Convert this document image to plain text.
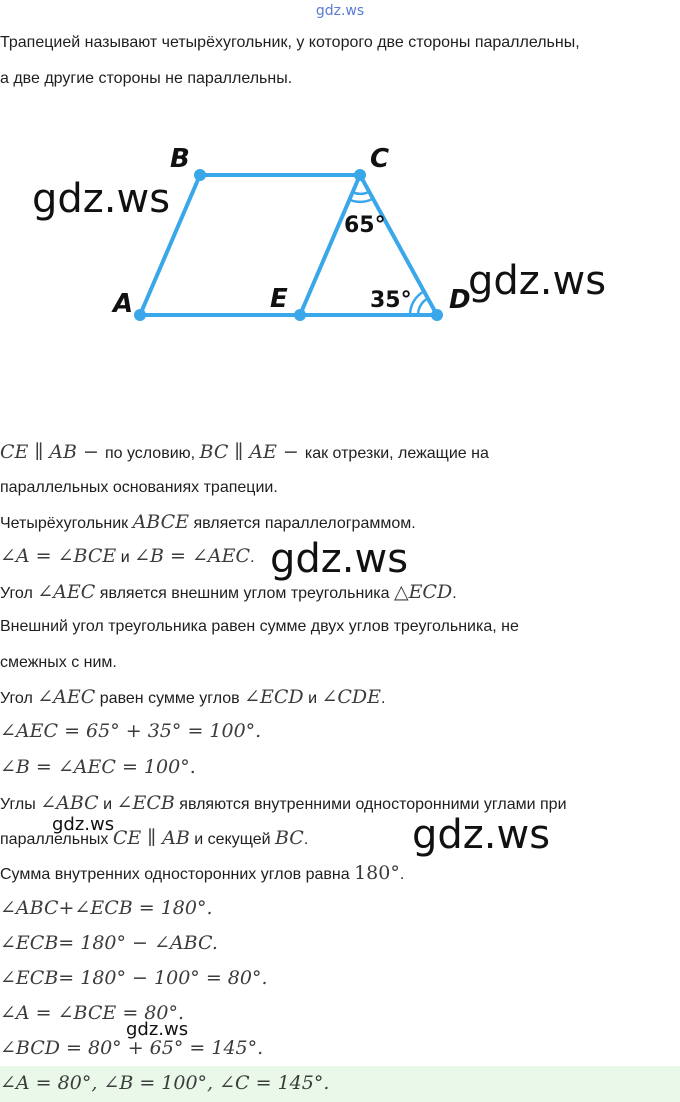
gdz.ws
Трапецией называют четырёхугольник, у которого две стороны параллельны,
а две другие стороны не параллельны.
A
B	C
D
E
65°
35°
CE ∥ AB − по условию, BC ∥ AE − как отрезки, лежащие на
параллельных основаниях трапеции.
Четырёхугольник ABCE является параллелограммом.
∠A = ∠BCE и ∠B = ∠AEC.
Угол ∠AEC является внешним углом треугольника △ECD.
Внешний угол треугольника равен сумме двух углов треугольника, не
смежных с ним.
Угол ∠AEC равен сумме углов ∠ECD и ∠CDE.
∠AEC = 65° + 35° = 100°.
∠B = ∠AEC = 100°.
Углы ∠ABC и ∠ECB являются внутренними односторонними углами при
параллельных CE ∥ AB и секущей BC.
Сумма внутренних односторонних углов равна 180°.
∠ABC+∠ECB = 180°.
∠ECB= 180° − ∠ABC.
∠ECB= 180° − 100° = 80°.
∠A = ∠BCE = 80°.
∠BCD = 80° + 65° = 145°.
∠A = 80°, ∠B = 100°, ∠C = 145°.
gdz.ws
gdz.ws
gdz.ws
gdz.ws	gdz.ws
gdz.ws
